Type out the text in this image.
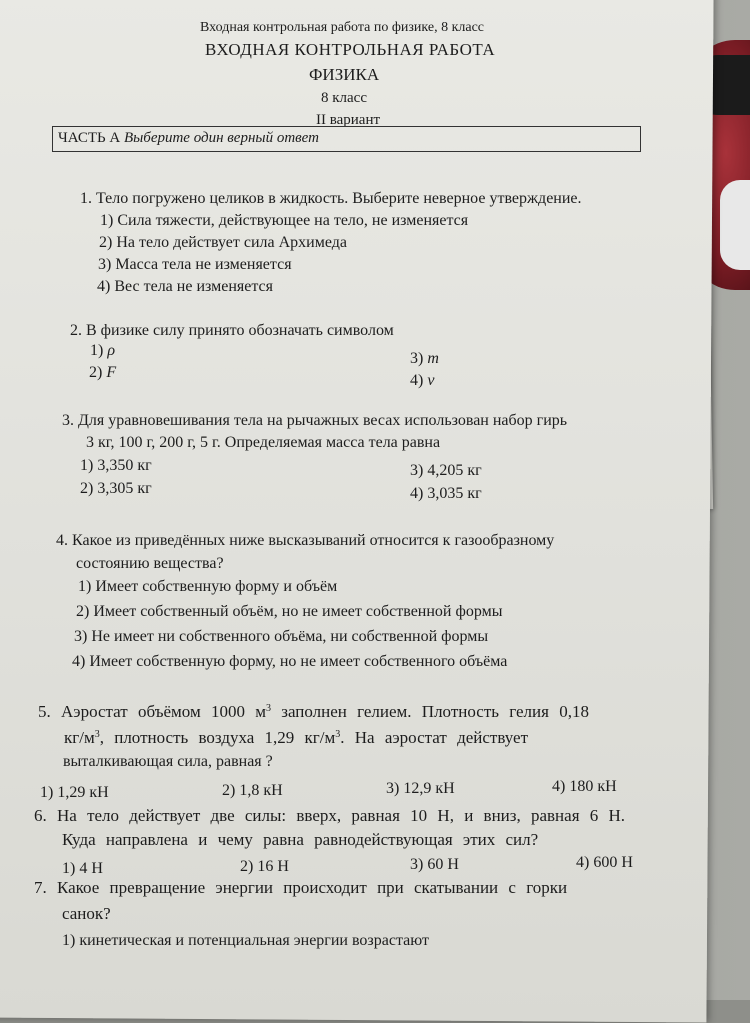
Входная контрольная работа по физике, 8 класс
ВХОДНАЯ КОНТРОЛЬНАЯ РАБОТА
ФИЗИКА
8 класс
II вариант
ЧАСТЬ А Выберите один верный ответ
1. Тело погружено целиков в жидкость. Выберите неверное утверждение.
1) Сила тяжести, действующее на тело, не изменяется
2) На тело действует сила Архимеда
3) Масса тела не изменяется
4) Вес тела не изменяется
2. В физике силу принято обозначать символом
1) ρ
2) F
3) m
4) v
3. Для уравновешивания тела на рычажных весах использован набор гирь
3 кг, 100 г, 200 г, 5 г. Определяемая масса тела равна
1) 3,350 кг
2) 3,305 кг
3) 4,205 кг
4) 3,035 кг
4. Какое из приведённых ниже высказываний относится к газообразному
состоянию вещества?
1) Имеет собственную форму и объём
2) Имеет собственный объём, но не имеет собственной формы
3) Не имеет ни собственного объёма, ни собственной формы
4) Имеет собственную форму, но не имеет собственного объёма
5. Аэростат объёмом 1000 $м^3$ заполнен гелием. Плотность гелия 0,18
$кг/м^3$, плотность воздуха 1,29 $кг/м^3$. На аэростат действует
выталкивающая сила, равная ?
1) 1,29 кН	2) 1,8 кН	3) 12,9 кН	4) 180 кН
6. На тело действует две силы: вверх, равная 10 Н, и вниз, равная 6 Н.
Куда направлена и чему равна равнодействующая этих сил?
1) 4 Н	2) 16 Н	3) 60 Н	4) 600 Н
7. Какое превращение энергии происходит при скатывании с горки
санок?
1) кинетическая и потенциальная энергии возрастают
